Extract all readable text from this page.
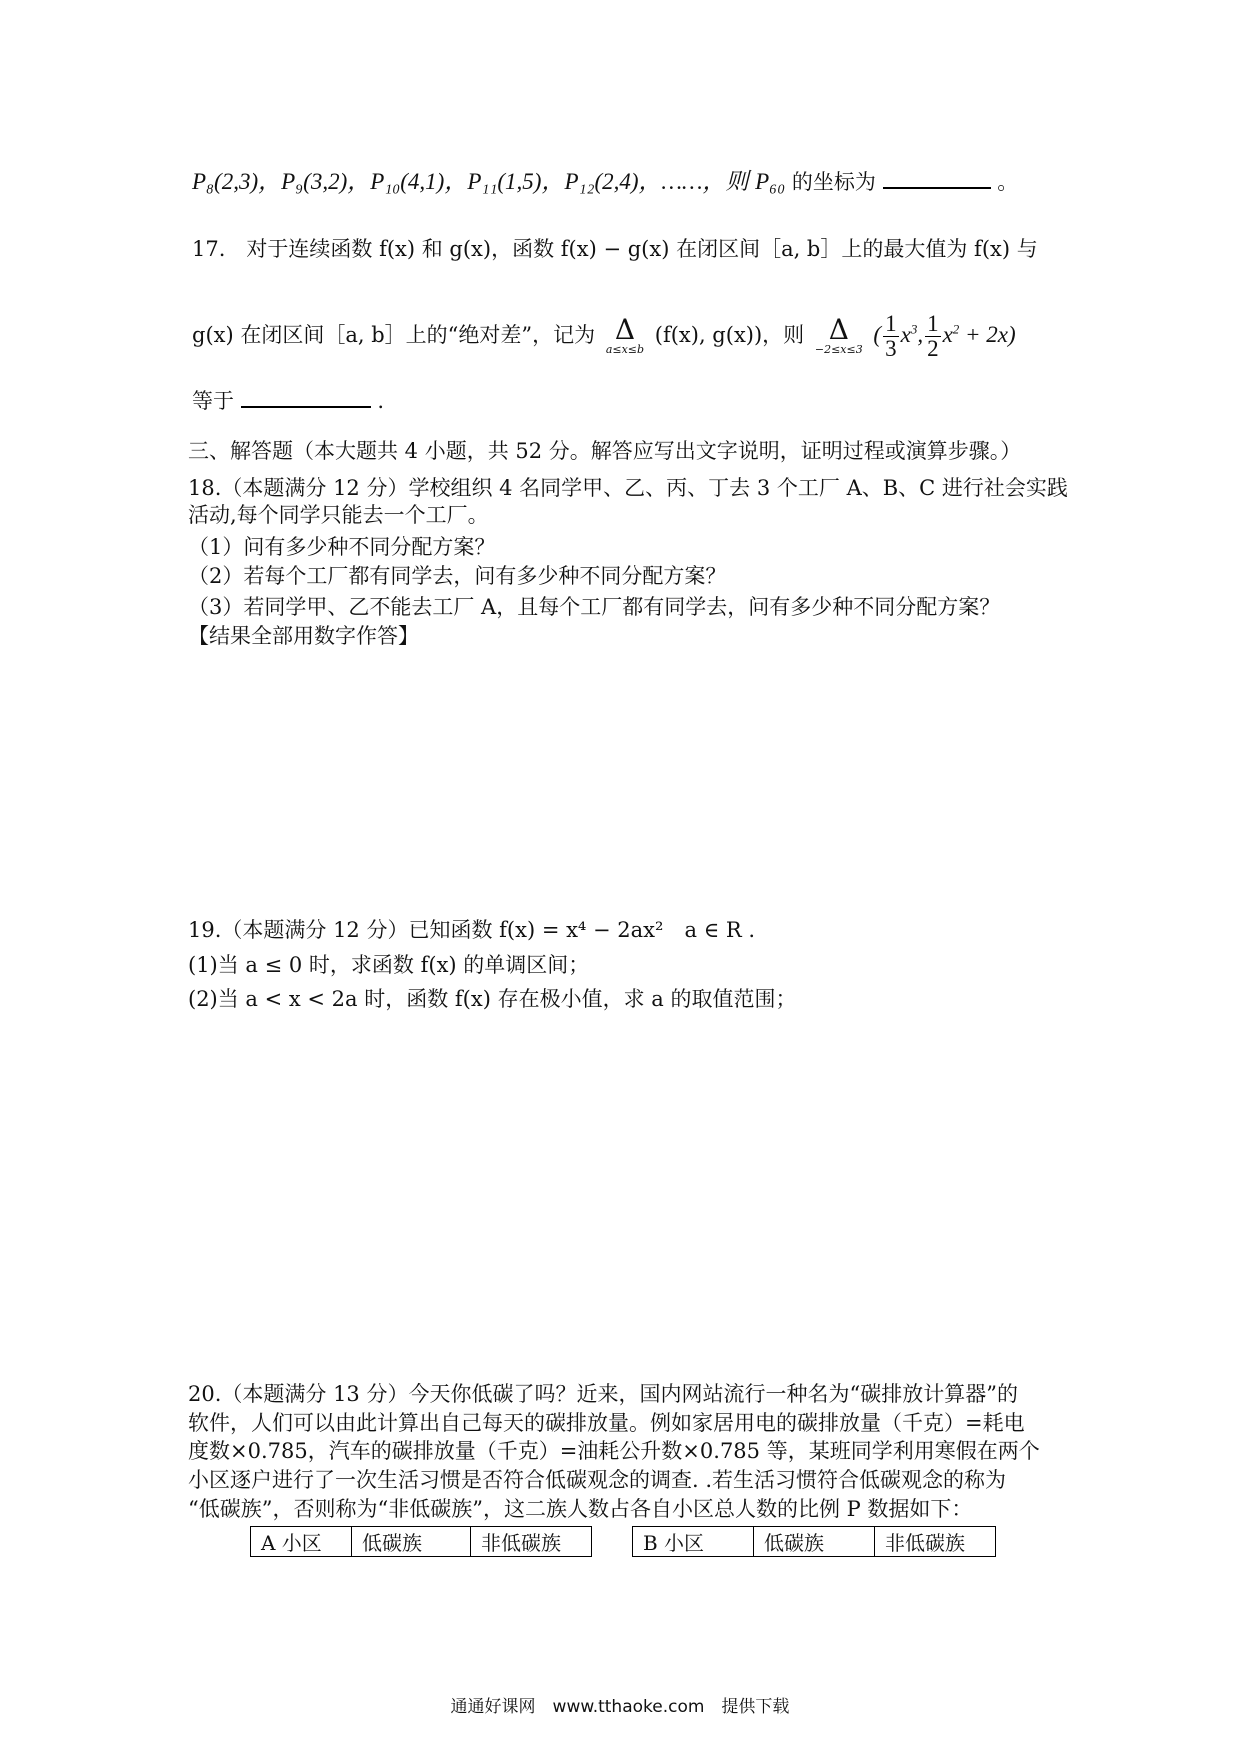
P₈(2,3)，P₉(3,2)，P₁₀(4,1)，P₁₁(1,5)，P₁₂(2,4)，……，则 P₆₀ 的坐标为	。
17.　对于连续函数 f(x) 和 g(x)，函数 f(x) − g(x) 在闭区间［a, b］上的最大值为 f(x) 与
g(x) 在闭区间［a, b］上的“绝对差”，记为 Δ
a≤x≤b
(f(x), g(x))，则 Δ
−2≤x≤3
( $\frac{1}{3} x^3$, $\frac{1}{2} x^2 + 2x$)
等于	.
三、解答题（本大题共 4 小题，共 52 分。解答应写出文字说明，证明过程或演算步骤。）
18.（本题满分 12 分）学校组织 4 名同学甲、乙、丙、丁去 3 个工厂 A、B、C 进行社会实践
活动,每个同学只能去一个工厂。
（1）问有多少种不同分配方案？
（2）若每个工厂都有同学去，问有多少种不同分配方案？
（3）若同学甲、乙不能去工厂 A，且每个工厂都有同学去，问有多少种不同分配方案？
【结果全部用数字作答】
19.（本题满分 12 分）已知函数 f(x) = x⁴ − 2ax²　a ∈ R .
(1)当 a ≤ 0 时，求函数 f(x) 的单调区间；
(2)当 a < x < 2a 时，函数 f(x) 存在极小值，求 a 的取值范围；
20.（本题满分 13 分）今天你低碳了吗？近来，国内网站流行一种名为“碳排放计算器”的
软件，人们可以由此计算出自己每天的碳排放量。例如家居用电的碳排放量（千克）=耗电
度数×0.785，汽车的碳排放量（千克）=油耗公升数×0.785 等，某班同学利用寒假在两个
小区逐户进行了一次生活习惯是否符合低碳观念的调查. .若生活习惯符合低碳观念的称为
“低碳族”，否则称为“非低碳族”，这二族人数占各自小区总人数的比例 P 数据如下：
A 小区	低碳族	非低碳族	B 小区	低碳族	非低碳族
通通好课网　www.tthaoke.com　提供下载
